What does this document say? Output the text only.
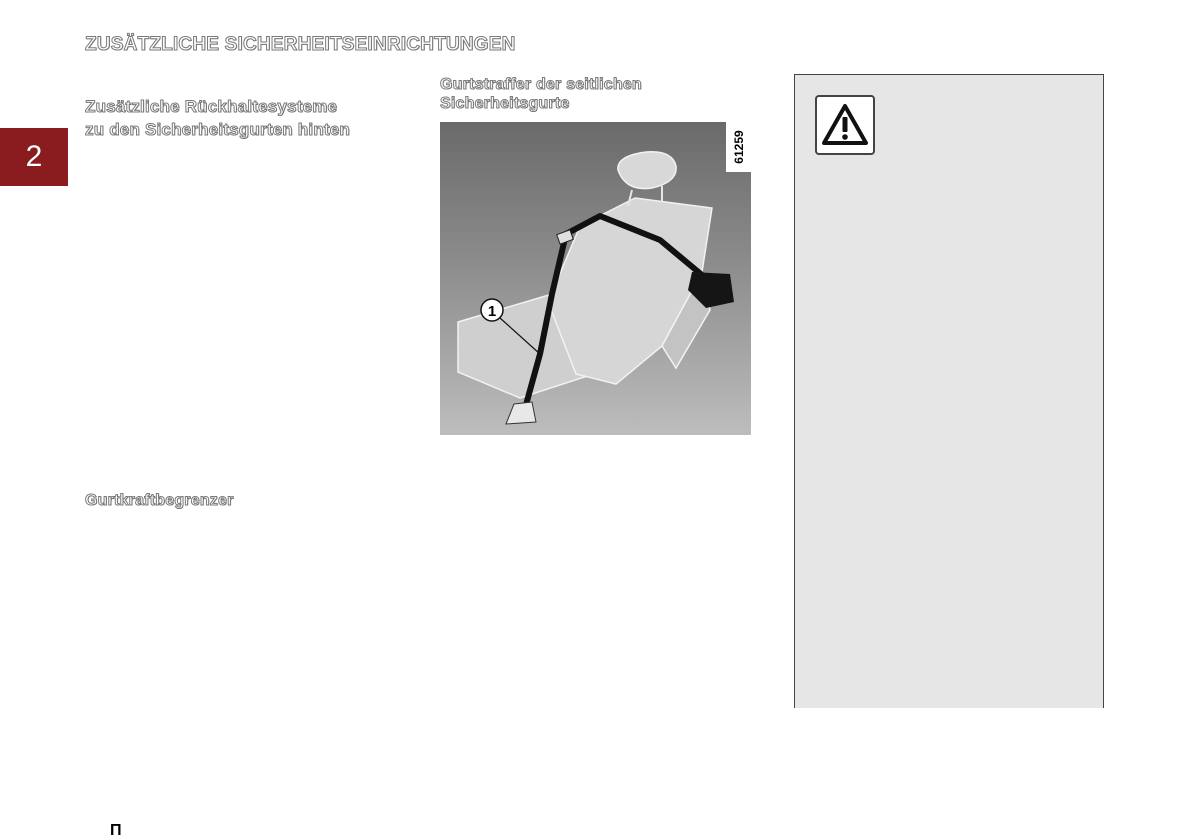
ZUSÄTZLICHE SICHERHEITSEINRICHTUNGEN
2
Zusätzliche Rückhaltesysteme
zu den Sicherheitsgurten hinten
Gurtkraftbegrenzer
Gurtstraffer der seitlichen
Sicherheitsgurte
1
61259
Π
